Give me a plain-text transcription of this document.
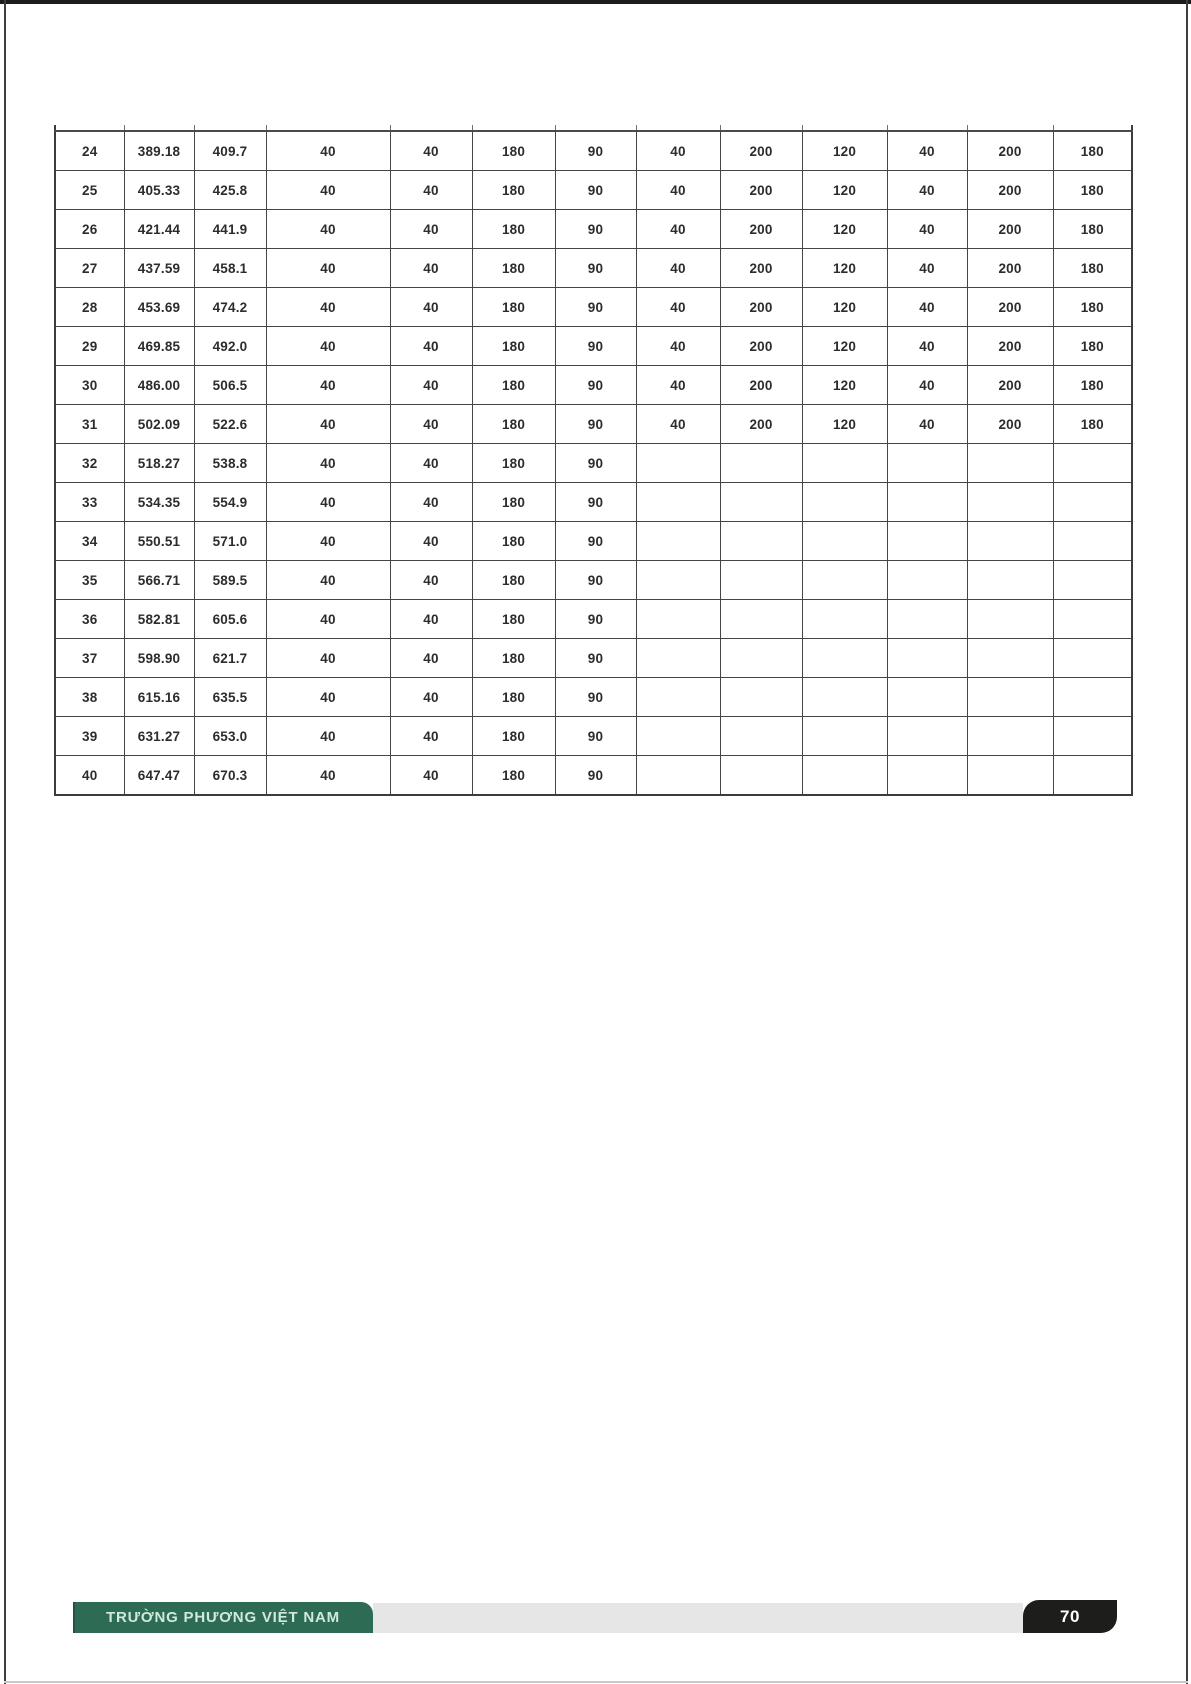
24	389.18	409.7	40	40	180	90	40	200	120	40	200	180
25	405.33	425.8	40	40	180	90	40	200	120	40	200	180
26	421.44	441.9	40	40	180	90	40	200	120	40	200	180
27	437.59	458.1	40	40	180	90	40	200	120	40	200	180
28	453.69	474.2	40	40	180	90	40	200	120	40	200	180
29	469.85	492.0	40	40	180	90	40	200	120	40	200	180
30	486.00	506.5	40	40	180	90	40	200	120	40	200	180
31	502.09	522.6	40	40	180	90	40	200	120	40	200	180
32	518.27	538.8	40	40	180	90						
33	534.35	554.9	40	40	180	90						
34	550.51	571.0	40	40	180	90						
35	566.71	589.5	40	40	180	90						
36	582.81	605.6	40	40	180	90						
37	598.90	621.7	40	40	180	90						
38	615.16	635.5	40	40	180	90						
39	631.27	653.0	40	40	180	90						
40	647.47	670.3	40	40	180	90						
TRƯỜNG PHƯƠNG VIỆT NAM	70
